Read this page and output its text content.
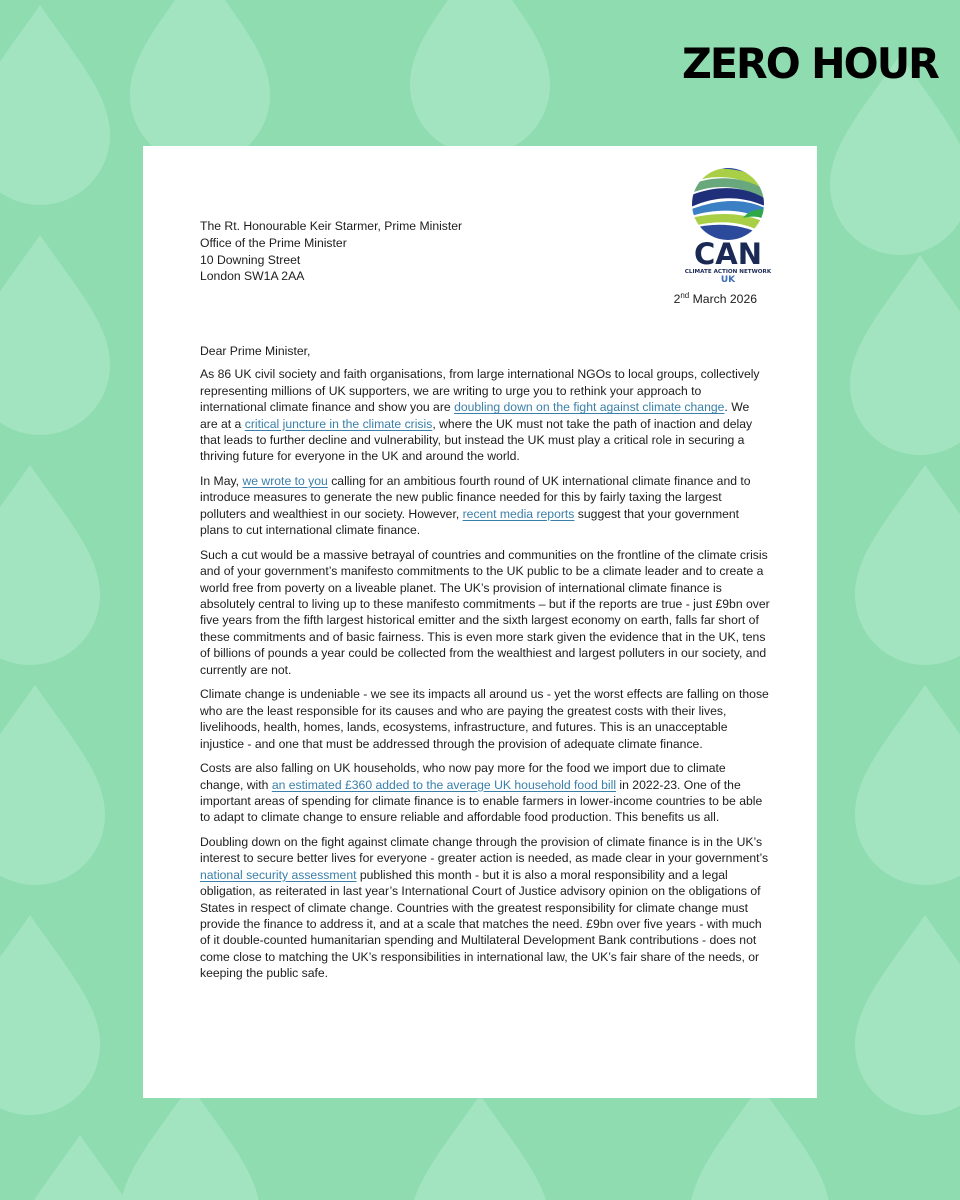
ZERO HOUR
CAN
CLIMATE ACTION NETWORK
UK
The Rt. Honourable Keir Starmer, Prime Minister
Office of the Prime Minister
10 Downing Street
London SW1A 2AA
2nd March 2026

Dear Prime Minister,

As 86 UK civil society and faith organisations, from large international NGOs to local groups, collectively representing millions of UK supporters, we are writing to urge you to rethink your approach to international climate finance and show you are doubling down on the fight against climate change. We are at a critical juncture in the climate crisis, where the UK must not take the path of inaction and delay that leads to further decline and vulnerability, but instead the UK must play a critical role in securing a thriving future for everyone in the UK and around the world.

In May, we wrote to you calling for an ambitious fourth round of UK international climate finance and to introduce measures to generate the new public finance needed for this by fairly taxing the largest polluters and wealthiest in our society. However, recent media reports suggest that your government plans to cut international climate finance.

Such a cut would be a massive betrayal of countries and communities on the frontline of the climate crisis and of your government’s manifesto commitments to the UK public to be a climate leader and to create a world free from poverty on a liveable planet. The UK’s provision of international climate finance is absolutely central to living up to these manifesto commitments – but if the reports are true - just £9bn over five years from the fifth largest historical emitter and the sixth largest economy on earth, falls far short of these commitments and of basic fairness. This is even more stark given the evidence that in the UK, tens of billions of pounds a year could be collected from the wealthiest and largest polluters in our society, and currently are not.

Climate change is undeniable - we see its impacts all around us - yet the worst effects are falling on those who are the least responsible for its causes and who are paying the greatest costs with their lives, livelihoods, health, homes, lands, ecosystems, infrastructure, and futures. This is an unacceptable injustice - and one that must be addressed through the provision of adequate climate finance.

Costs are also falling on UK households, who now pay more for the food we import due to climate change, with an estimated £360 added to the average UK household food bill in 2022-23. One of the important areas of spending for climate finance is to enable farmers in lower-income countries to be able to adapt to climate change to ensure reliable and affordable food production. This benefits us all.

Doubling down on the fight against climate change through the provision of climate finance is in the UK’s interest to secure better lives for everyone - greater action is needed, as made clear in your government’s national security assessment published this month - but it is also a moral responsibility and a legal obligation, as reiterated in last year’s International Court of Justice advisory opinion on the obligations of States in respect of climate change. Countries with the greatest responsibility for climate change must provide the finance to address it, and at a scale that matches the need. £9bn over five years - with much of it double-counted humanitarian spending and Multilateral Development Bank contributions - does not come close to matching the UK’s responsibilities in international law, the UK’s fair share of the needs, or keeping the public safe.
